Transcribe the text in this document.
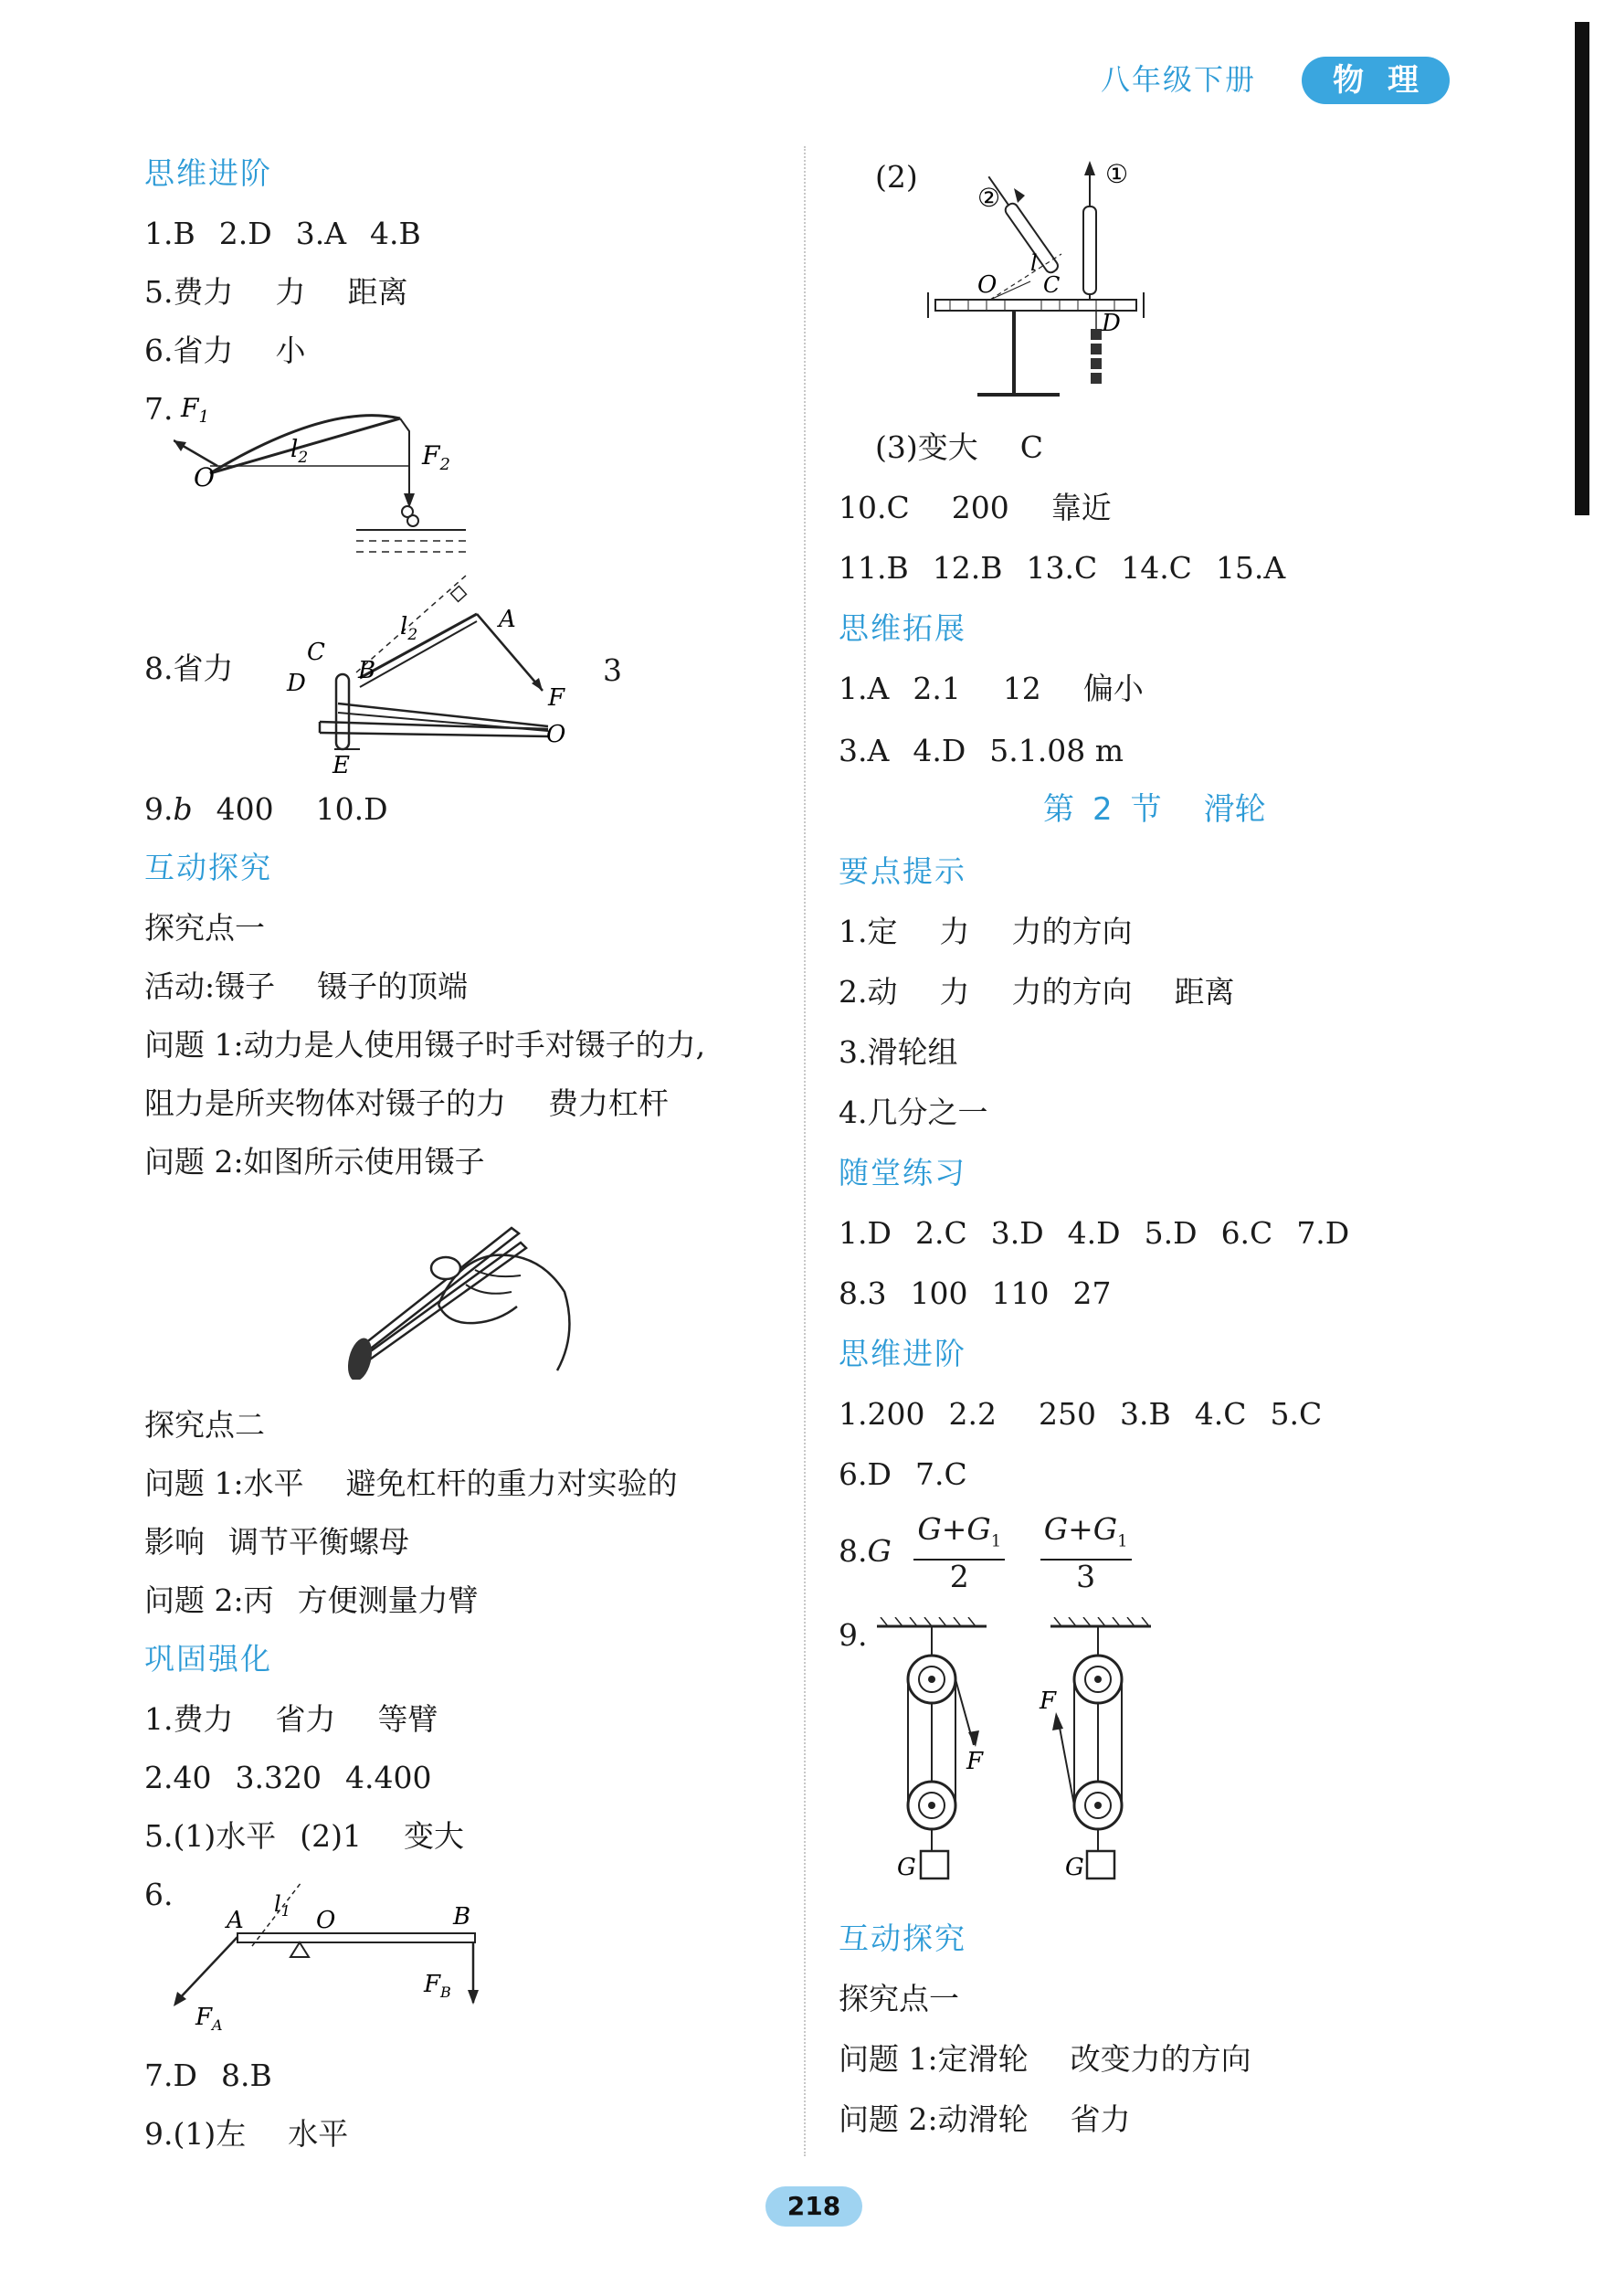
八年级下册	物理
思维进阶
1.B 2.D 3.A 4.B
5.费力 力 距离
6.省力 小
7. $F_1$
$l_2$	$F_2$
O
8.省力	3
C
D B
$l_2$
A
F
O
E
9.b 400 10.D
互动探究
探究点一
活动:镊子 镊子的顶端
问题 1:动力是人使用镊子时手对镊子的力,
阻力是所夹物体对镊子的力 费力杠杆
问题 2:如图所示使用镊子
探究点二
问题 1:水平 避免杠杆的重力对实验的
影响 调节平衡螺母
问题 2:丙 方便测量力臂
巩固强化
1.费力 省力 等臂
2.40 3.320 4.400
5.(1)水平 (2)1 变大
6.
A
$l_1$ O	B
$F_A$
$F_B$
7.D 8.B
9.(1)左 水平
(2)	①
②
O
l
C
D
(3)变大 C
10.C 200 靠近
11.B 12.B 13.C 14.C 15.A
思维拓展
1.A 2.1 12 偏小
3.A 4.D 5.1.08 m
第 2 节 滑轮
要点提示
1.定 力 力的方向
2.动 力 力的方向 距离
3.滑轮组
4.几分之一
随堂练习
1.D 2.C 3.D 4.D 5.D 6.C 7.D
8.3 100 110 27
思维进阶
1.200 2.2 250 3.B 4.C 5.C
6.D 7.C
$8.G \frac{G+G_1}{2}$
$\frac{G+G_1}{3}$
9.
F
G
F
G
互动探究
探究点一
问题 1:定滑轮 改变力的方向
问题 2:动滑轮 省力
218
